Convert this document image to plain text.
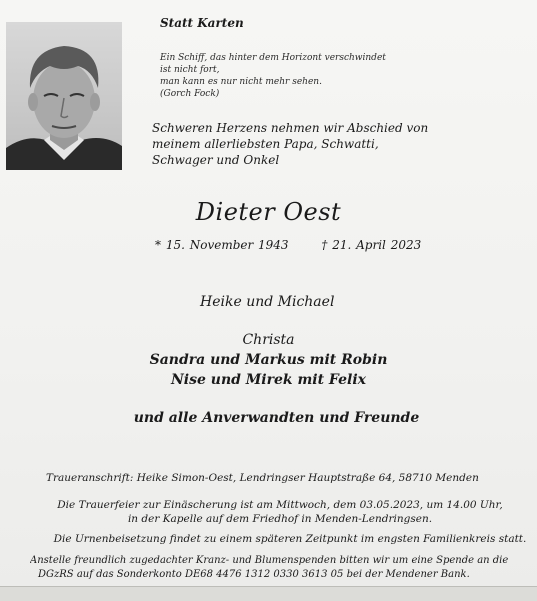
Statt Karten
Ein Schiff, das hinter dem Horizont verschwindet
ist nicht fort,
man kann es nur nicht mehr sehen.
(Gorch Fock)
Schweren Herzens nehmen wir Abschied von
meinem allerliebsten Papa, Schwatti,
Schwager und Onkel
Dieter Oest
* 15. November 1943	† 21. April 2023
Heike und Michael
Christa
Sandra und Markus mit Robin
Nise und Mirek mit Felix
und alle Anverwandten und Freunde
Traueranschrift: Heike Simon-Oest, Lendringser Hauptstraße 64, 58710 Menden
Die Trauerfeier zur Einäscherung ist am Mittwoch, dem 03.05.2023, um 14.00 Uhr,
in der Kapelle auf dem Friedhof in Menden-Lendringsen.
Die Urnenbeisetzung findet zu einem späteren Zeitpunkt im engsten Familienkreis statt.
Anstelle freundlich zugedachter Kranz- und Blumenspenden bitten wir um eine Spende an die
DGzRS auf das Sonderkonto DE68 4476 1312 0330 3613 05 bei der Mendener Bank.
